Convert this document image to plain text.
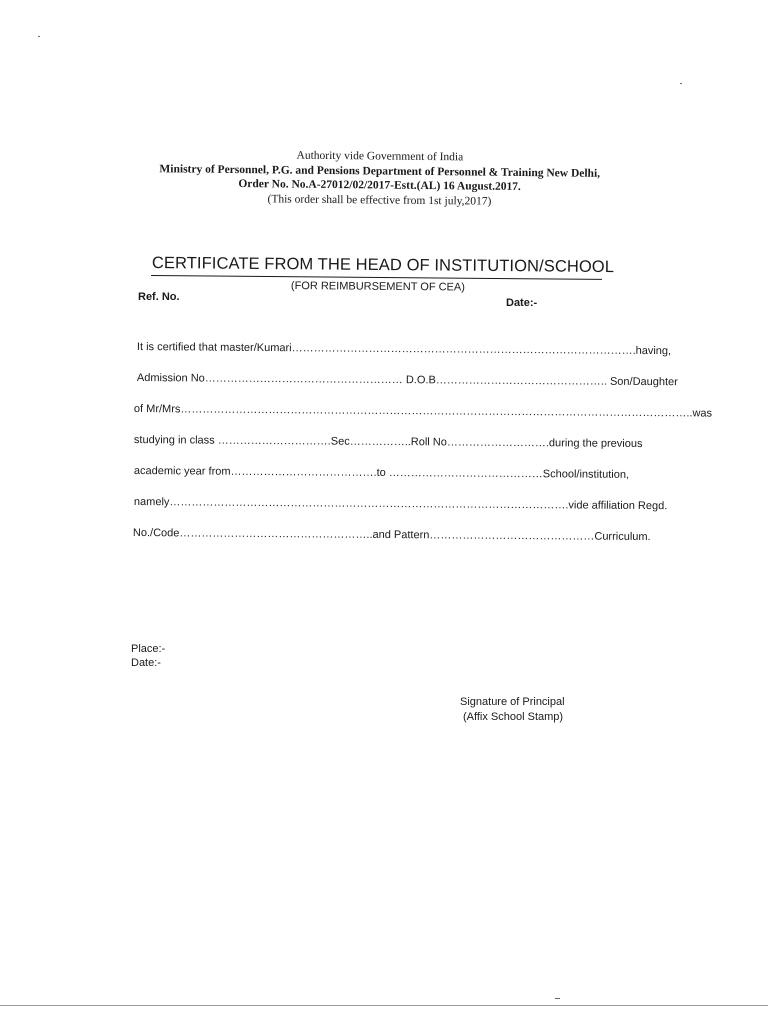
Authority vide Government of India
Ministry of Personnel, P.G. and Pensions Department of Personnel & Training New Delhi,
Order No. No.A-27012/02/2017-Estt.(AL) 16 August.2017.
(This order shall be effective from 1st july,2017)
CERTIFICATE FROM THE HEAD OF INSTITUTION/SCHOOL
(FOR REIMBURSEMENT OF CEA)
Ref. No.	Date:-
It is certified that master/Kumari………………………………………………………………………………….having,
Admission No……………………………………………… D.O.B……………………………………….. Son/Daughter
of Mr/Mrs…………………………………………………………………………………………………………………………..was
studying in class ………………………….Sec……………..Roll No……………………….during the previous
academic year from………………………………….to ……………………………………School/institution,
namely……………………………………………………………………………………………….vide affiliation Regd.
No./Code……………………………………………..and Pattern………………………………………Curriculum.
Place:-
Date:-
Signature of Principal
(Affix School Stamp)
